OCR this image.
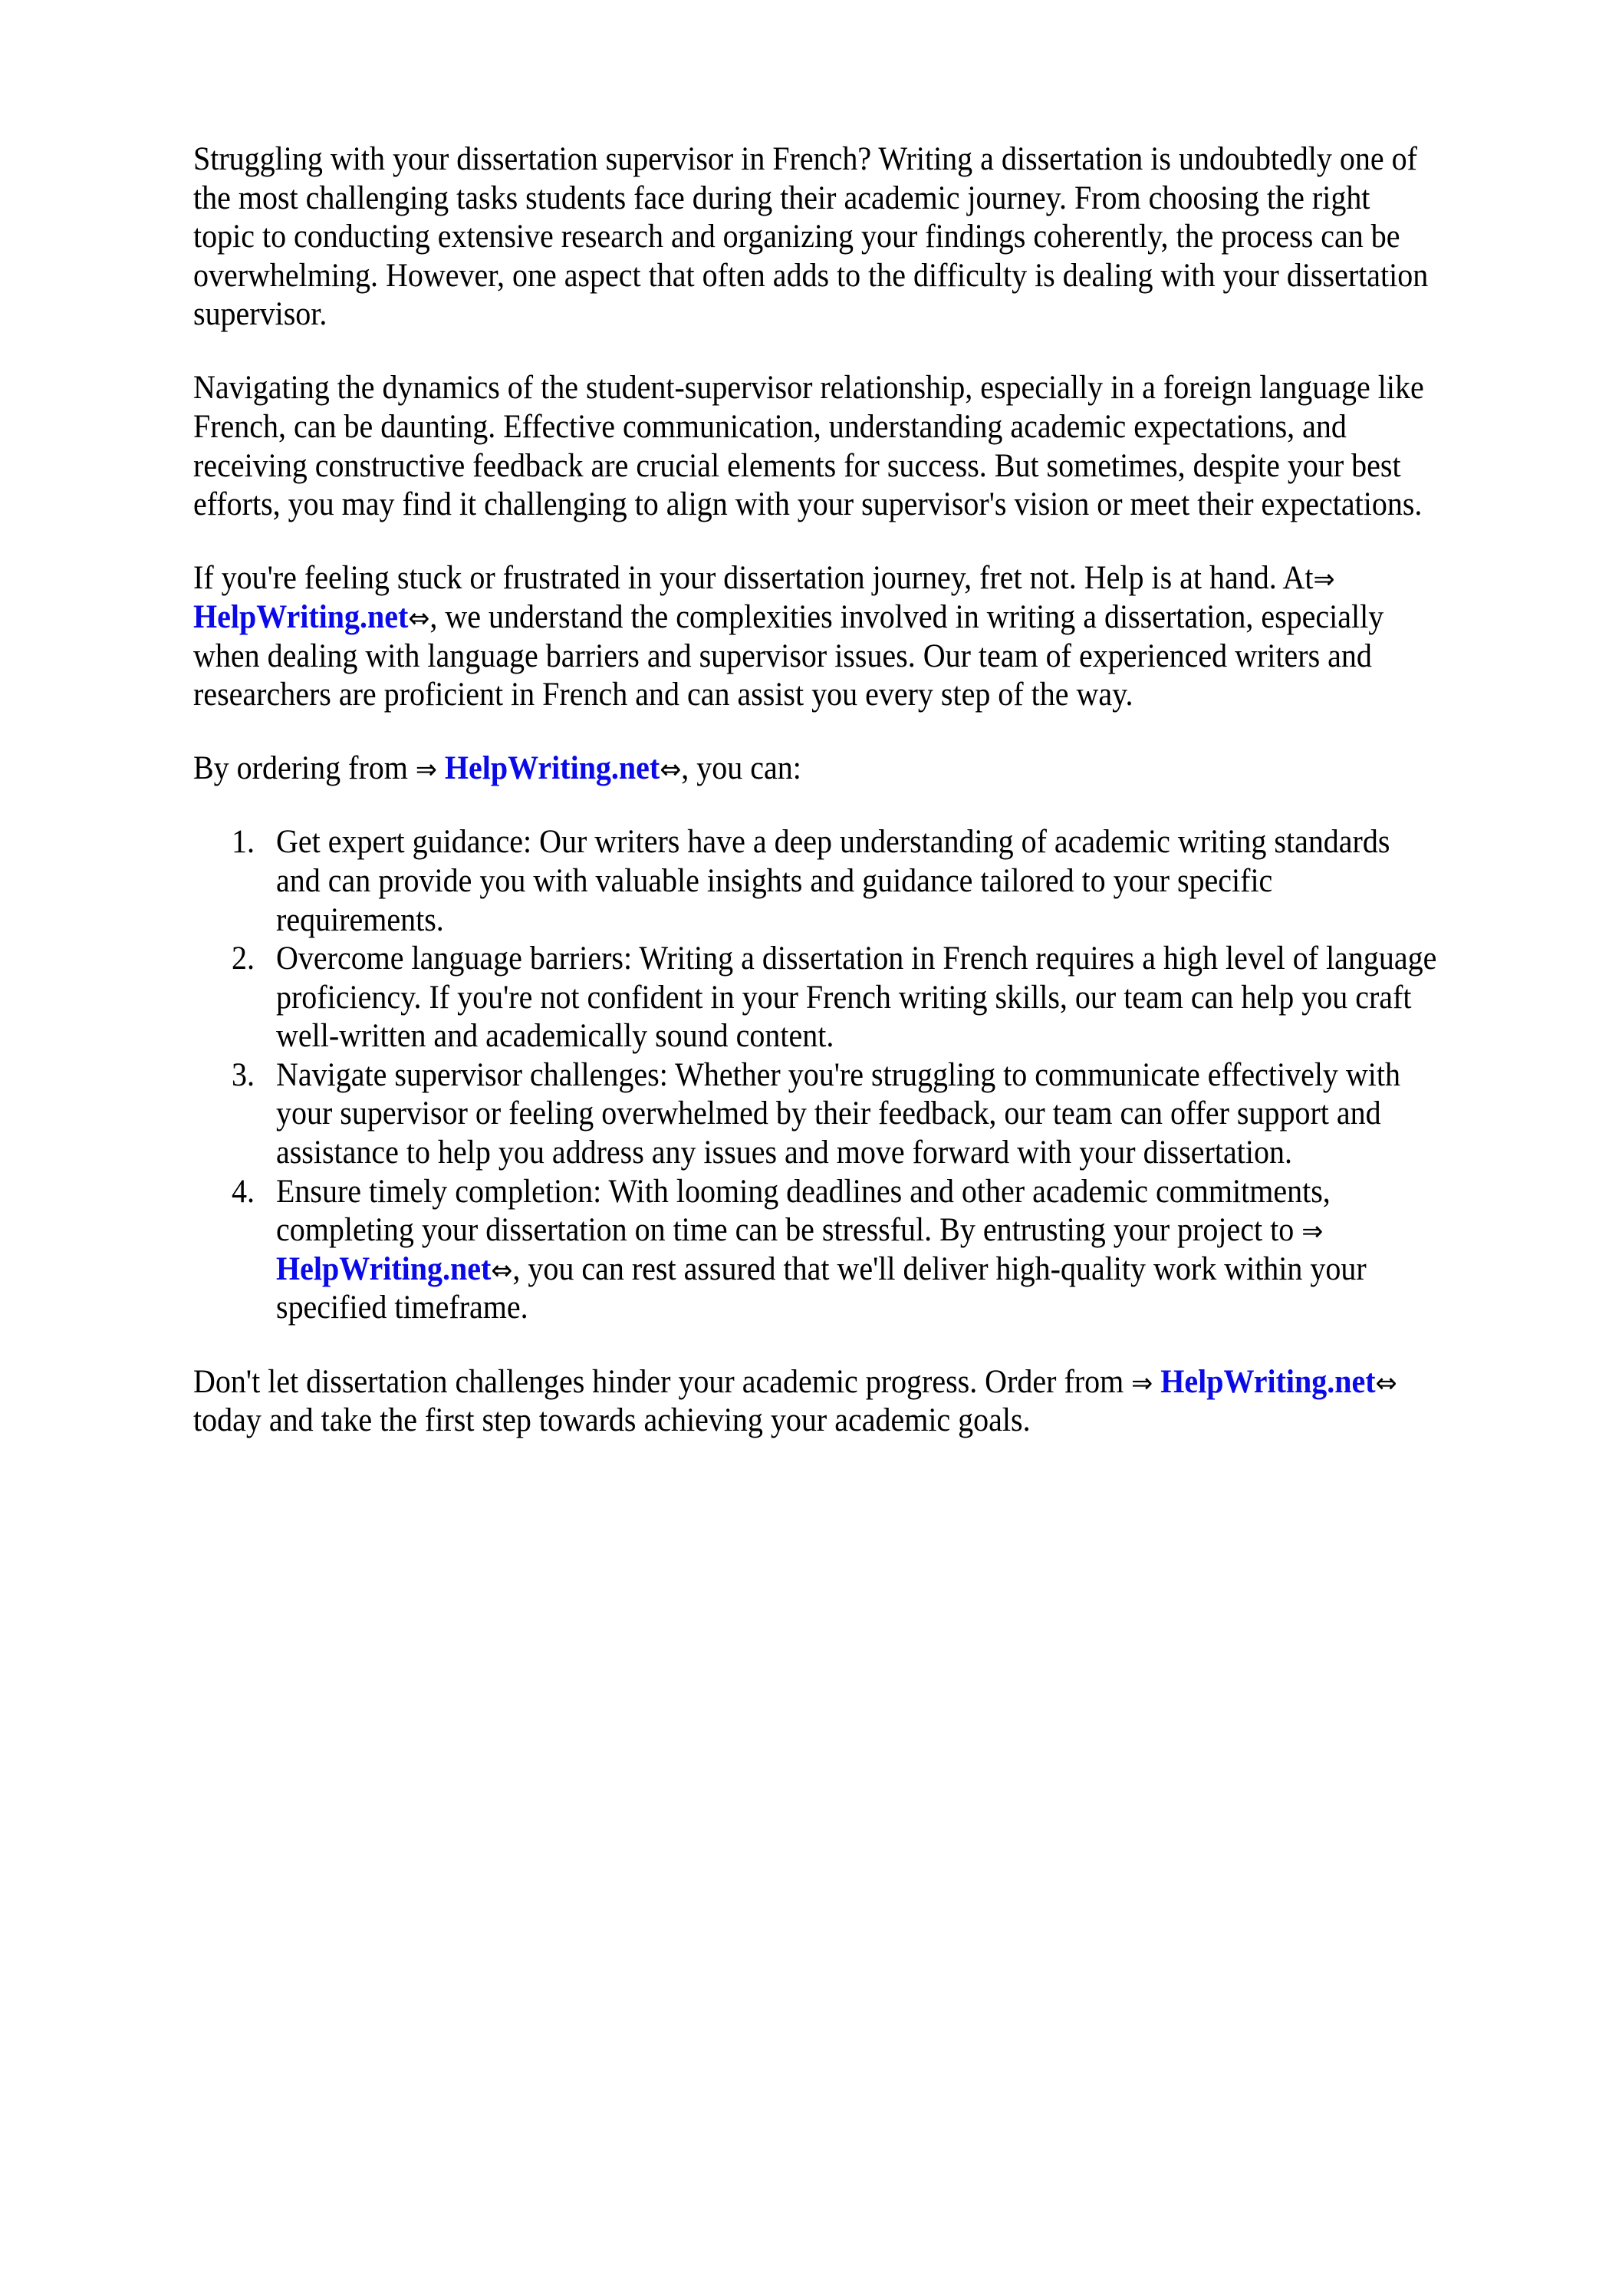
Struggling with your dissertation supervisor in French? Writing a dissertation is undoubtedly one of
the most challenging tasks students face during their academic journey. From choosing the right
topic to conducting extensive research and organizing your findings coherently, the process can be
overwhelming. However, one aspect that often adds to the difficulty is dealing with your dissertation
supervisor.
Navigating the dynamics of the student-supervisor relationship, especially in a foreign language like
French, can be daunting. Effective communication, understanding academic expectations, and
receiving constructive feedback are crucial elements for success. But sometimes, despite your best
efforts, you may find it challenging to align with your supervisor's vision or meet their expectations.
If you're feeling stuck or frustrated in your dissertation journey, fret not. Help is at hand. At⇒
HelpWriting.net⇔, we understand the complexities involved in writing a dissertation, especially
when dealing with language barriers and supervisor issues. Our team of experienced writers and
researchers are proficient in French and can assist you every step of the way.
By ordering from ⇒ HelpWriting.net⇔, you can:
1. Get expert guidance: Our writers have a deep understanding of academic writing standards
and can provide you with valuable insights and guidance tailored to your specific
requirements.
2. Overcome language barriers: Writing a dissertation in French requires a high level of language
proficiency. If you're not confident in your French writing skills, our team can help you craft
well-written and academically sound content.
3. Navigate supervisor challenges: Whether you're struggling to communicate effectively with
your supervisor or feeling overwhelmed by their feedback, our team can offer support and
assistance to help you address any issues and move forward with your dissertation.
4. Ensure timely completion: With looming deadlines and other academic commitments,
completing your dissertation on time can be stressful. By entrusting your project to ⇒
HelpWriting.net⇔, you can rest assured that we'll deliver high-quality work within your
specified timeframe.
Don't let dissertation challenges hinder your academic progress. Order from ⇒ HelpWriting.net⇔
today and take the first step towards achieving your academic goals.
